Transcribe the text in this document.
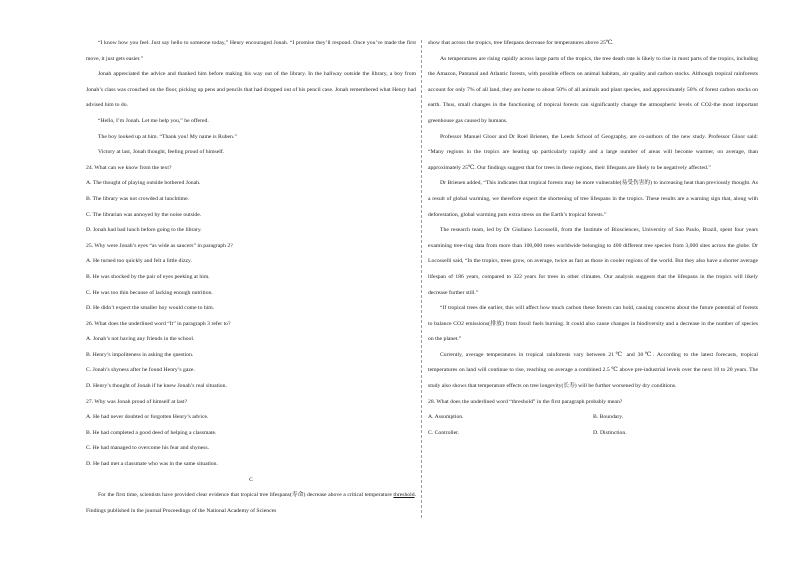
“I know how you feel. Just say hello to someone today,” Henry encouraged Jonah. “I promise they’ll respond. Once you’ve made the first move, it just gets easier.”

Jonah appreciated the advice and thanked him before making his way out of the library. In the hallway outside the library, a boy from Jonah’s class was crouched on the floor, picking up pens and pencils that had dropped out of his pencil case. Jonah remembered what Henry had advised him to do.

“Hello, I’m Jonah. Let me help you,” he offered.

The boy looked up at him. “Thank you! My name is Ruben.”

Victory at last, Jonah thought, feeling proud of himself.

24. What can we know from the text?

A. The thought of playing outside bothered Jonah.

B. The library was not crowded at lunchtime.

C. The librarian was annoyed by the noise outside.

D. Jonah had had lunch before going to the library.

25. Why were Jonah’s eyes “as wide as saucers” in paragraph 2?

A. He turned too quickly and felt a little dizzy.

B. He was shocked by the pair of eyes peeking at him.

C. He was too thin because of lacking enough nutrition.

D. He didn’t expect the smaller boy would come to him.

26. What does the underlined word “It” in paragraph 3 refer to?

A. Jonah’s not having any friends in the school.

B. Henry’s impoliteness in asking the question.

C. Jonah’s shyness after he found Henry’s gaze.

D. Henry’s thought of Jonah if he knew Jonah’s real situation.

27. Why was Jonah proud of himself at last?

A. He had never doubted or forgotten Henry’s advice.

B. He had completed a good deed of helping a classmate.

C. He had managed to overcome his fear and shyness.

D. He had met a classmate who was in the same situation.

C

For the first time, scientists have provided clear evidence that tropical tree lifespans(寿命) decrease above a critical temperature threshold. Findings published in the journal Proceedings of the National Academy of Sciences

show that across the tropics, tree lifespans decrease for temperatures above 25℃.

As temperatures are rising rapidly across large parts of the tropics, the tree death rate is likely to rise in most parts of the tropics, including the Amazon, Pantanal and Atlantic forests, with possible effects on animal habitats, air quality and carbon stocks. Although tropical rainforests account for only 7% of all land, they are home to about 50% of all animals and plant species, and approximately 50% of forest carbon stocks on earth. Thus, small changes in the functioning of tropical forests can significantly change the atmospheric levels of CO2-the most important greenhouse gas caused by humans.

Professor Manuel Gloor and Dr Roel Brienen, the Leeds School of Geography, are co-authors of the new study. Professor Gloor said: “Many regions in the tropics are heating up particularly rapidly and a large number of areas will become warmer, on average, than approximately 25℃. Our findings suggest that for trees in these regions, their lifespans are likely to be negatively affected.”

Dr Brienen added, “This indicates that tropical forests may be more vulnerable(易受伤害的) to increasing heat than previously thought. As a result of global warming, we therefore expect the shortening of tree lifespans in the tropics. These results are a warning sign that, along with deforestation, global warming puts extra stress on the Earth’s tropical forests.”

The research team, led by Dr Giuliano Locosselli, from the Institute of Biosciences, University of Sao Paulo, Brazil, spent four years examining tree-ring data from more than 100,000 trees worldwide belonging to 400 different tree species from 3,000 sites across the globe. Dr Locosselli said, “In the tropics, trees grow, on average, twice as fast as those in cooler regions of the world. But they also have a shorter average lifespan of 186 years, compared to 322 years for trees in other climates. Our analysis suggests that the lifespans in the tropics will likely decrease further still.”

“If tropical trees die earlier, this will affect how much carbon these forests can hold, causing concerns about the future potential of forests to balance CO2 emissions(排放) from fossil fuels burning. It could also cause changes in biodiversity and a decrease in the number of species on the planet.”

Currently, average temperatures in tropical rainforests vary between 21℃ and 30℃. According to the latest forecasts, tropical temperatures on land will continue to rise, reaching on average a combined 2.5 ℃ above pre-industrial levels over the next 10 to 20 years. The study also shows that temperature effects on tree longevity(长寿) will be further worsened by dry conditions.

28. What does the underlined word “threshold” in the first paragraph probably mean?

A. Assumption.	B. Boundary.
C. Controller.	D. Distinction.
